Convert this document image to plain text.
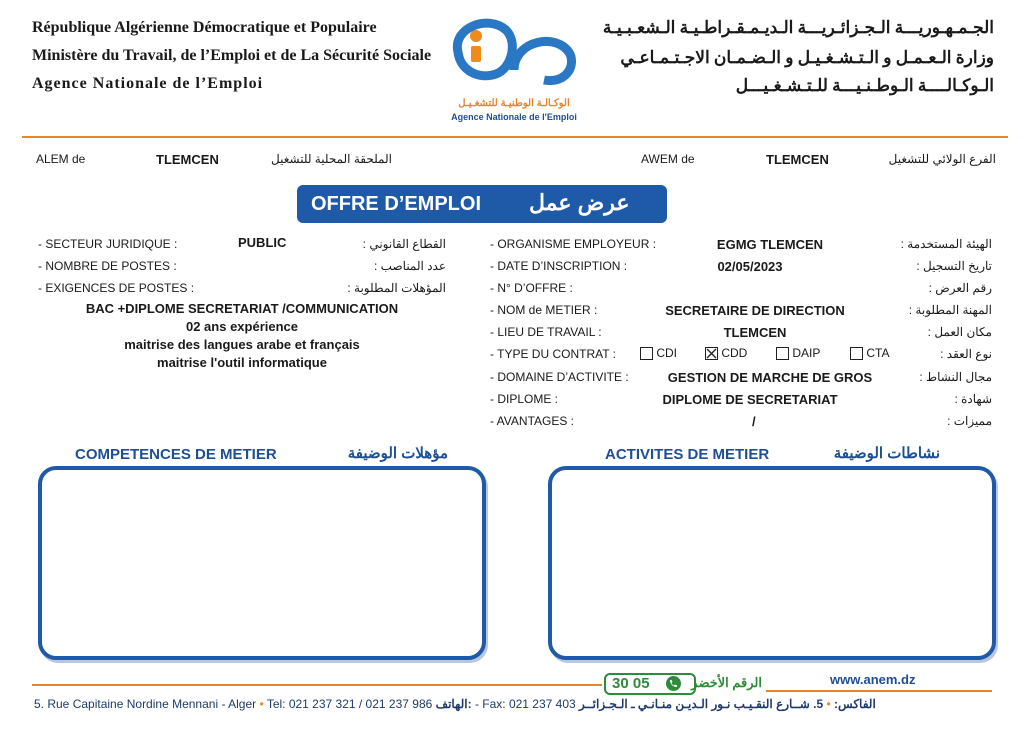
République Algérienne Démocratique et Populaire
Ministère du Travail, de l’Emploi et de La Sécurité Sociale
Agence Nationale de l’Emploi
الجـمـهـوريـــة الـجـزائـريـــة الـديـمـقـراطـيـة الـشعـبـيـة
وزارة الـعـمـل و الـتـشـغـيـل و الـضـمـان الاجـتـمـاعـي
الـوكـالــــة الـوطـنـيـــة للـتـشـغـيـــل
الوكـالـة الوطنيـة للتشغـيـل
Agence Nationale de l'Emploi
ALEM de	TLEMCEN	الملحقة المحلية للتشغيل	AWEM de	TLEMCEN	الفرع الولائي للتشغيل
OFFRE D’EMPLOI عرض عمل
- SECTEUR JURIDIQUE :	PUBLIC	القطاع القانوني :
- NOMBRE DE POSTES :	عدد المناصب :
- EXIGENCES DE POSTES :	المؤهلات المطلوبة :
BAC +DIPLOME SECRETARIAT /COMMUNICATION
02 ans expérience
maitrise des langues arabe et français
maitrise l'outil informatique
- ORGANISME EMPLOYEUR :	EGMG TLEMCEN	الهيئة المستخدمة :
- DATE D’INSCRIPTION :	02/05/2023	تاريخ التسجيل :
- N° D’OFFRE :	رقم العرض :
- NOM de METIER :	SECRETAIRE DE DIRECTION	المهنة المطلوبة :
- LIEU DE TRAVAIL :	TLEMCEN	مكان العمل :
- TYPE DU CONTRAT :	CDI	CDD	DAIP	CTA	نوع العقد :
- DOMAINE D’ACTIVITE :	GESTION DE MARCHE DE GROS	مجال النشاط :
- DIPLOME :	DIPLOME DE SECRETARIAT	شهادة :
- AVANTAGES :	/	مميزات :
COMPETENCES DE METIER	مؤهلات الوضيفة	ACTIVITES DE METIER	نشاطات الوضيفة
30 05	الرقم الأخضر	www.anem.dz
5. Rue Capitaine Nordine Mennani - Alger • Tel: 021 237 321 / 021 237 986 الهاتف: - Fax: 021 237 403	الفاكس: • 5. شــارع النقـيـب نـور الـديـن منـانـي ـ الـجـزائــر
